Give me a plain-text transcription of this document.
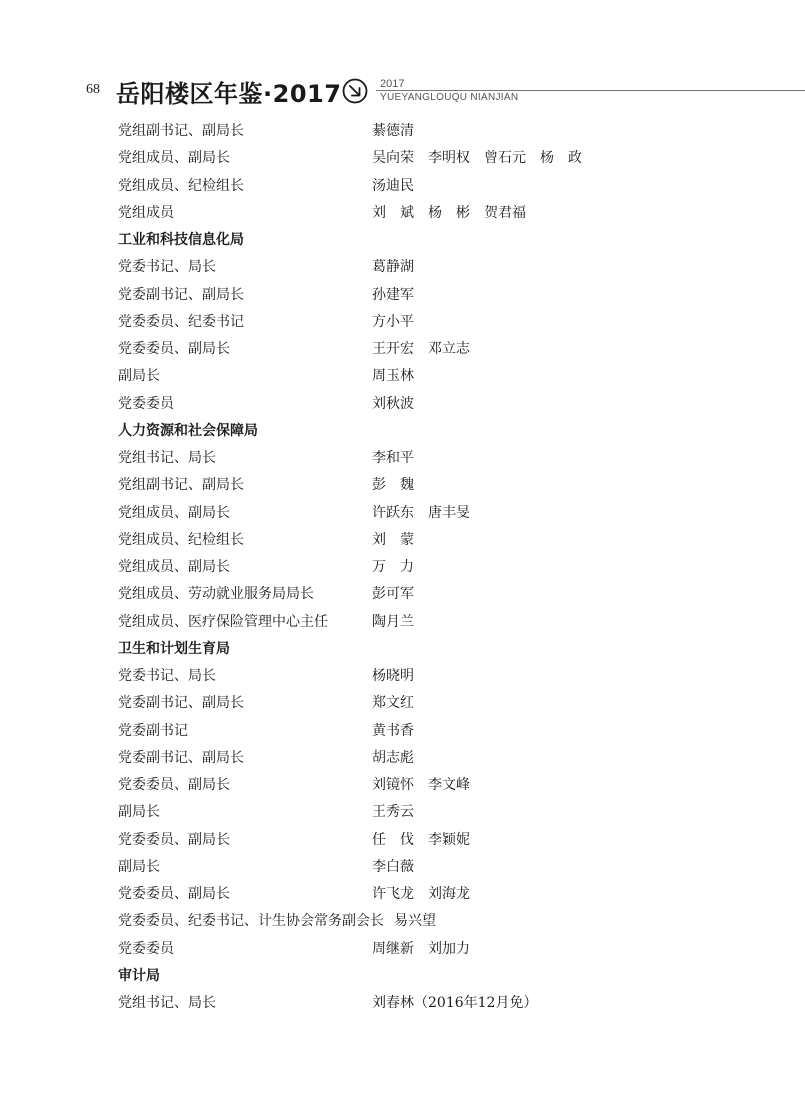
68 岳阳楼区年鉴·2017	2017
YUEYANGLOUQU NIANJIAN
党组副书记、副局长	綦德清
党组成员、副局长	吴向荣　李明权　曾石元　杨　政
党组成员、纪检组长	汤迪民
党组成员	刘　斌　杨　彬　贺君福
工业和科技信息化局
党委书记、局长	葛静湖
党委副书记、副局长	孙建军
党委委员、纪委书记	方小平
党委委员、副局长	王开宏　邓立志
副局长	周玉林
党委委员	刘秋波
人力资源和社会保障局
党组书记、局长	李和平
党组副书记、副局长	彭　魏
党组成员、副局长	许跃东　唐丰旻
党组成员、纪检组长	刘　蒙
党组成员、副局长	万　力
党组成员、劳动就业服务局局长	彭可军
党组成员、医疗保险管理中心主任	陶月兰
卫生和计划生育局
党委书记、局长	杨晓明
党委副书记、副局长	郑文红
党委副书记	黄书香
党委副书记、副局长	胡志彪
党委委员、副局长	刘镜怀　李文峰
副局长	王秀云
党委委员、副局长	任　伐　李颖妮
副局长	李白薇
党委委员、副局长	许飞龙　刘海龙
党委委员、纪委书记、计生协会常务副会长 易兴望
党委委员	周继新　刘加力
审计局
党组书记、局长	刘春林（2016年12月免）
